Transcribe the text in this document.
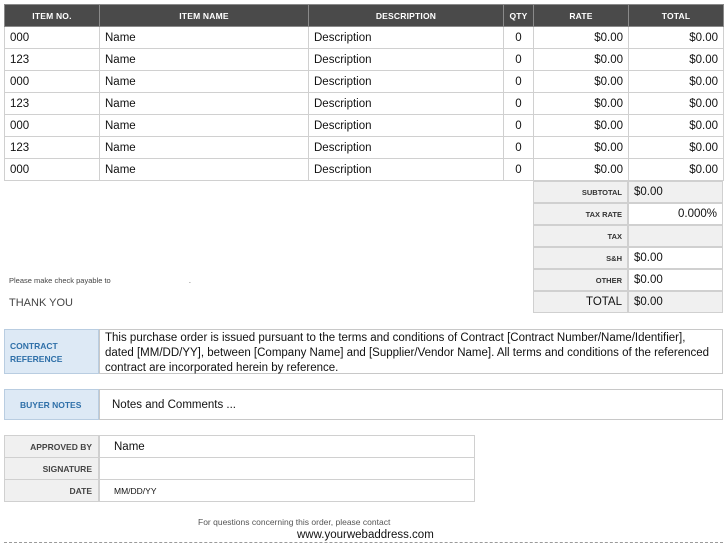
ITEM NO.	ITEM NAME	DESCRIPTION	QTY	RATE	TOTAL
000	Name	Description	0	$0.00	$0.00
123	Name	Description	0	$0.00	$0.00
000	Name	Description	0	$0.00	$0.00
123	Name	Description	0	$0.00	$0.00
000	Name	Description	0	$0.00	$0.00
123	Name	Description	0	$0.00	$0.00
000	Name	Description	0	$0.00	$0.00
SUBTOTAL	$0.00
TAX RATE	0.000%
TAX
S&H	$0.00
OTHER	$0.00
TOTAL	$0.00
Please make check payable to	.
THANK YOU
CONTRACT
REFERENCE
This purchase order is issued pursuant to the terms and conditions of Contract [Contract Number/Name/Identifier], dated [MM/DD/YY], between [Company Name] and [Supplier/Vendor Name]. All terms and conditions of the referenced contract are incorporated herein by reference.
BUYER NOTES	Notes and Comments ...
APPROVED BY	Name
SIGNATURE
DATE	MM/DD/YY
For questions concerning this order, please contact
www.yourwebaddress.com
